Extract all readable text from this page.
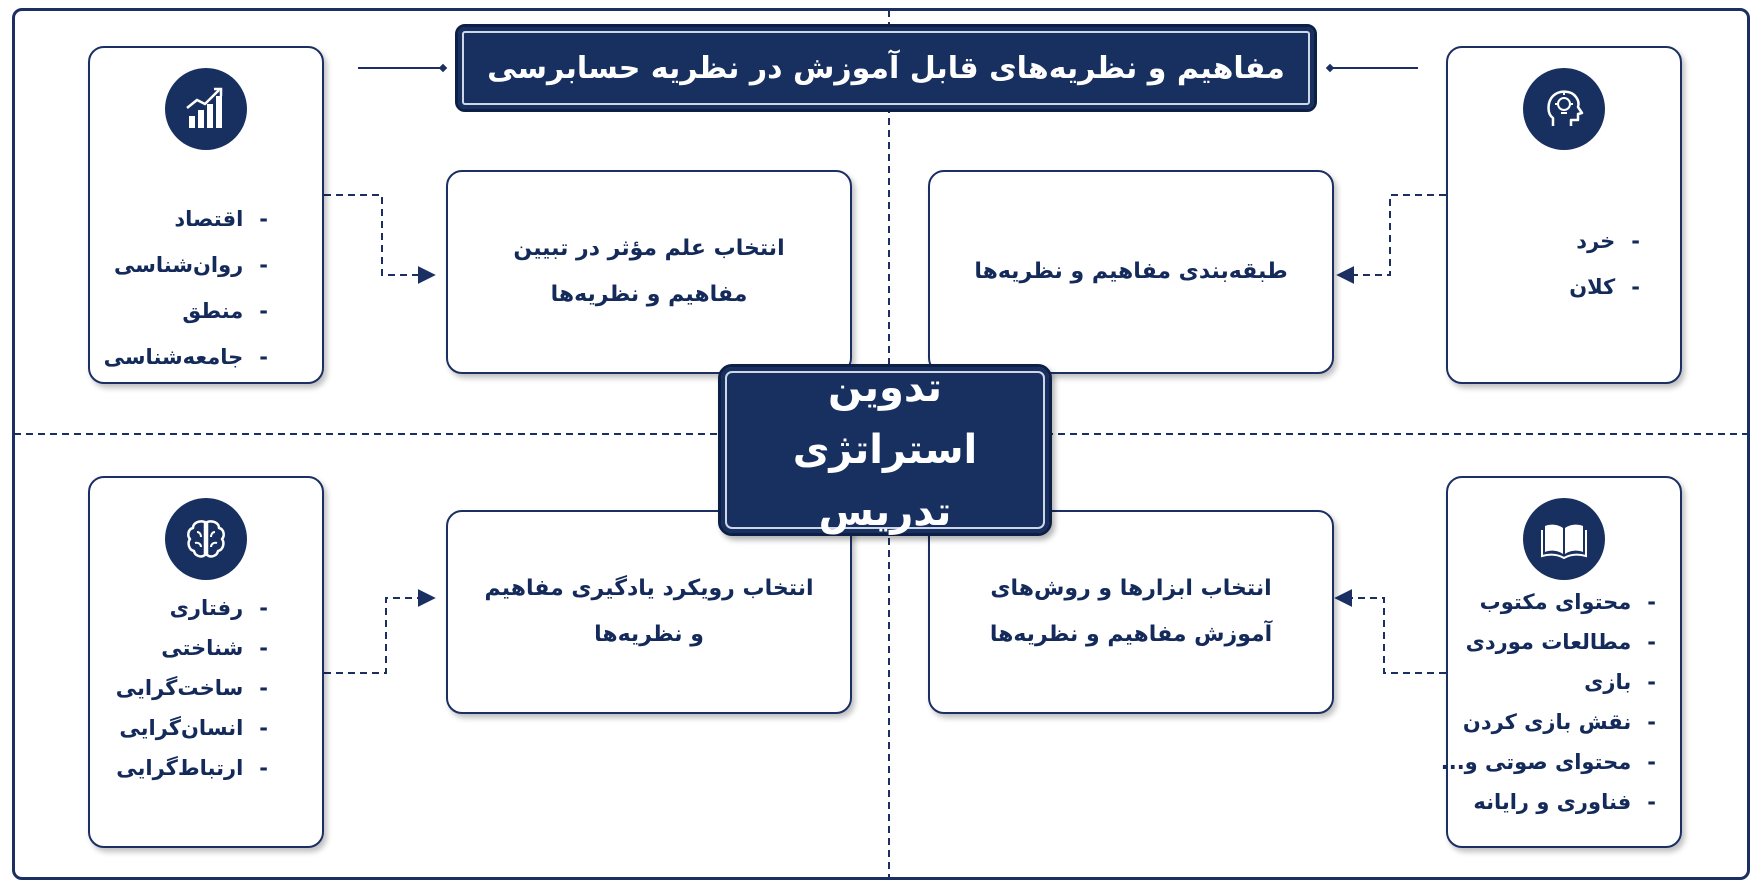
مفاهیم و نظریه‌های قابل آموزش در نظریه حسابرسی
- اقتصاد
- روان‌شناسی
- منطق
- جامعه‌شناسی
- خرد
- کلان
- رفتاری
- شناختی
- ساخت‌گرایی
- انسان‌گرایی
- ارتباط‌گرایی
- محتوای مکتوب
- مطالعات موردی
- بازی
- نقش بازی کردن
- محتوای صوتی و...
- فناوری و رایانه
انتخاب علم مؤثر در تبیین مفاهیم و نظریه‌ها
طبقه‌بندی مفاهیم و نظریه‌ها
انتخاب رویکرد یادگیری مفاهیم و نظریه‌ها
انتخاب ابزارها و روش‌های آموزش مفاهیم و نظریه‌ها
تدوین استراتژی تدریس
